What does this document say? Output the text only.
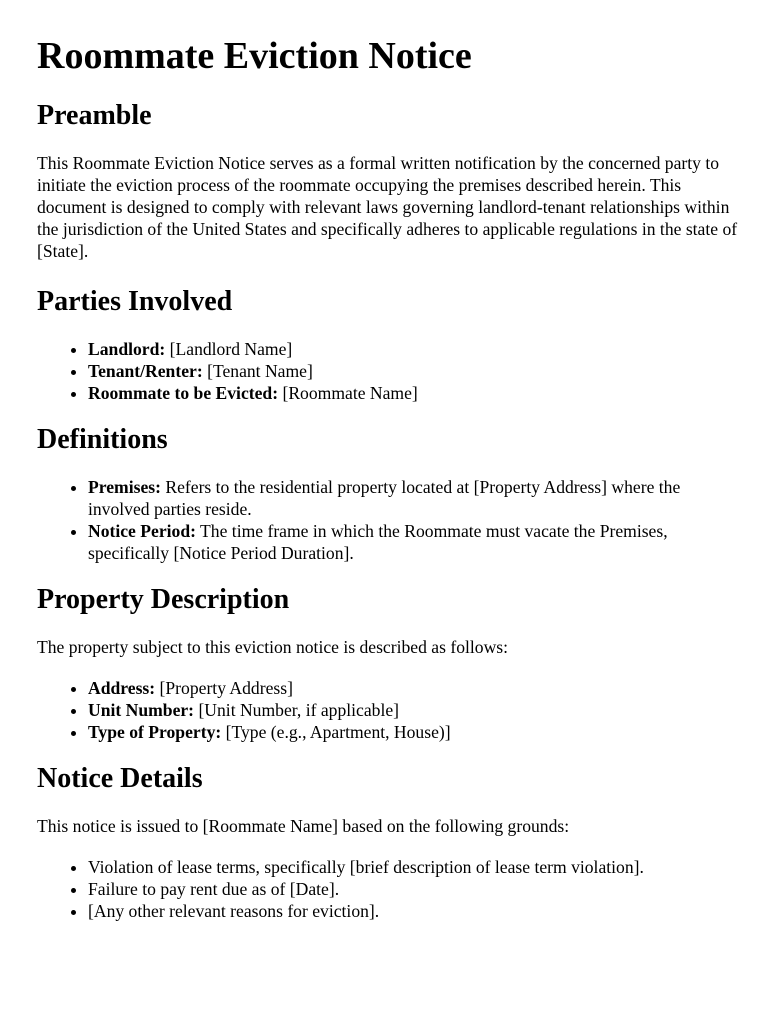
Roommate Eviction Notice
Preamble

This Roommate Eviction Notice serves as a formal written notification by the concerned party to initiate the eviction process of the roommate occupying the premises described herein. This document is designed to comply with relevant laws governing landlord-tenant relationships within the jurisdiction of the United States and specifically adheres to applicable regulations in the state of [State].

Parties Involved
• Landlord: [Landlord Name]
• Tenant/Renter: [Tenant Name]
• Roommate to be Evicted: [Roommate Name]
Definitions
• Premises: Refers to the residential property located at [Property Address] where the involved parties reside.
• Notice Period: The time frame in which the Roommate must vacate the Premises, specifically [Notice Period Duration].
Property Description

The property subject to this eviction notice is described as follows:

• Address: [Property Address]
• Unit Number: [Unit Number, if applicable]
• Type of Property: [Type (e.g., Apartment, House)]
Notice Details

This notice is issued to [Roommate Name] based on the following grounds:

• Violation of lease terms, specifically [brief description of lease term violation].
• Failure to pay rent due as of [Date].
• [Any other relevant reasons for eviction].
